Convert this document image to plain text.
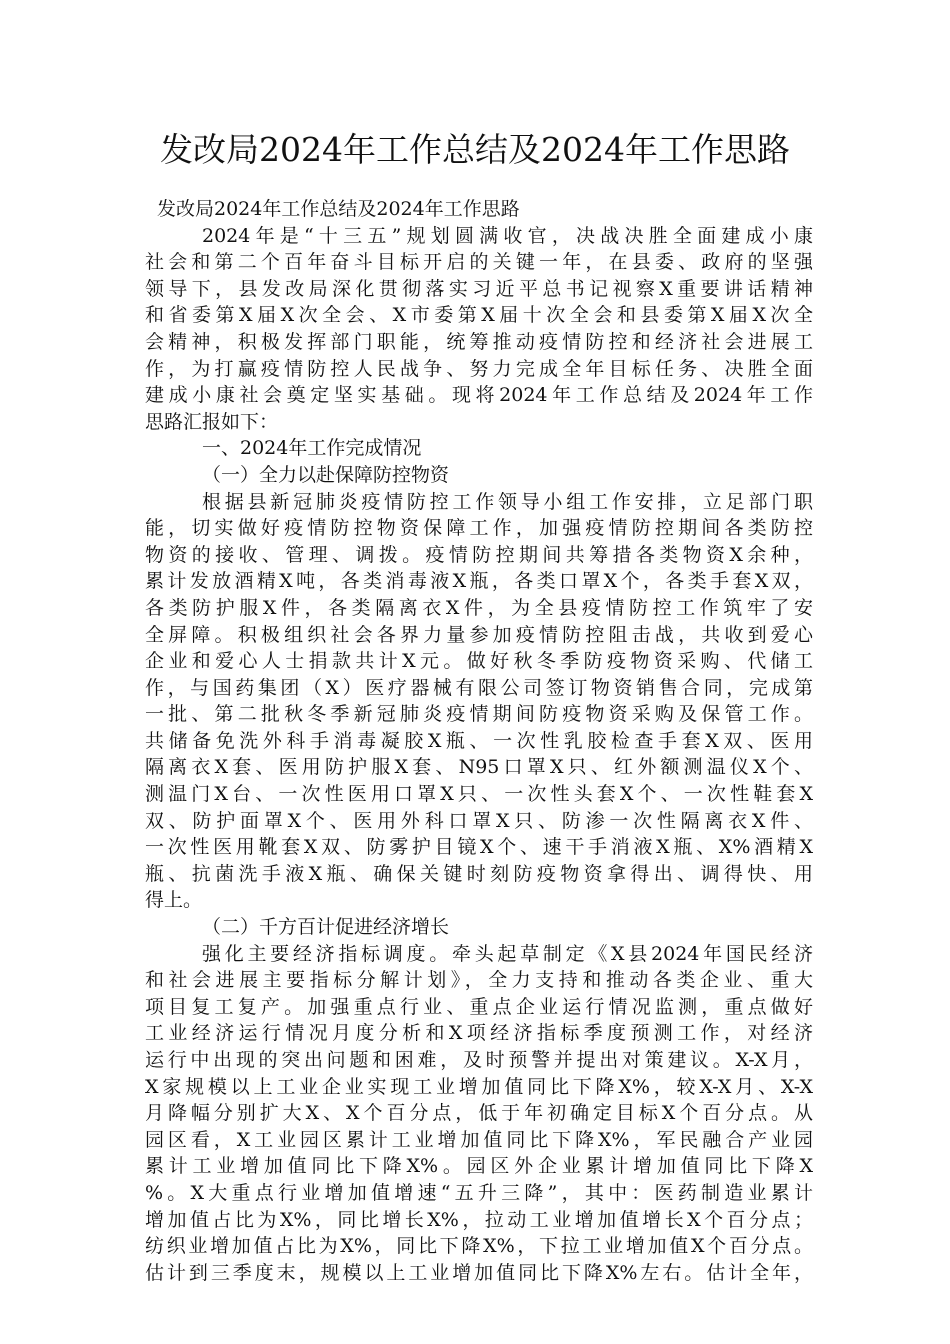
发改局2024年工作总结及2024年工作思路
发改局2024年工作总结及2024年工作思路
2024年是“十三五”规划圆满收官，决战决胜全面建成小康
社会和第二个百年奋斗目标开启的关键一年，在县委、政府的坚强
领导下，县发改局深化贯彻落实习近平总书记视察X重要讲话精神
和省委第X届X次全会、X市委第X届十次全会和县委第X届X次全
会精神，积极发挥部门职能，统筹推动疫情防控和经济社会进展工
作，为打赢疫情防控人民战争、努力完成全年目标任务、决胜全面
建成小康社会奠定坚实基础。现将2024年工作总结及2024年工作
思路汇报如下：
一、2024年工作完成情况
（一）全力以赴保障防控物资
根据县新冠肺炎疫情防控工作领导小组工作安排，立足部门职
能，切实做好疫情防控物资保障工作，加强疫情防控期间各类防控
物资的接收、管理、调拨。疫情防控期间共筹措各类物资X余种，
累计发放酒精X吨，各类消毒液X瓶，各类口罩X个，各类手套X双，
各类防护服X件，各类隔离衣X件，为全县疫情防控工作筑牢了安
全屏障。积极组织社会各界力量参加疫情防控阻击战，共收到爱心
企业和爱心人士捐款共计X元。做好秋冬季防疫物资采购、代储工
作，与国药集团（X）医疗器械有限公司签订物资销售合同，完成第
一批、第二批秋冬季新冠肺炎疫情期间防疫物资采购及保管工作。
共储备免洗外科手消毒凝胶X瓶、一次性乳胶检查手套X双、医用
隔离衣X套、医用防护服X套、N95口罩X只、红外额测温仪X个、
测温门X台、一次性医用口罩X只、一次性头套X个、一次性鞋套X
双、防护面罩X个、医用外科口罩X只、防渗一次性隔离衣X件、
一次性医用靴套X双、防雾护目镜X个、速干手消液X瓶、X%酒精X
瓶、抗菌洗手液X瓶、确保关键时刻防疫物资拿得出、调得快、用
得上。
（二）千方百计促进经济增长
强化主要经济指标调度。牵头起草制定《X县2024年国民经济
和社会进展主要指标分解计划》，全力支持和推动各类企业、重大
项目复工复产。加强重点行业、重点企业运行情况监测，重点做好
工业经济运行情况月度分析和X项经济指标季度预测工作，对经济
运行中出现的突出问题和困难，及时预警并提出对策建议。X-X月，
X家规模以上工业企业实现工业增加值同比下降X%，较X-X月、X-X
月降幅分别扩大X、X个百分点，低于年初确定目标X个百分点。从
园区看，X工业园区累计工业增加值同比下降X%，军民融合产业园
累计工业增加值同比下降X%。园区外企业累计增加值同比下降X
%。X大重点行业增加值增速“五升三降”，其中：医药制造业累计
增加值占比为X%，同比增长X%，拉动工业增加值增长X个百分点；
纺织业增加值占比为X%，同比下降X%，下拉工业增加值X个百分点。
估计到三季度末，规模以上工业增加值同比下降X%左右。估计全年，
